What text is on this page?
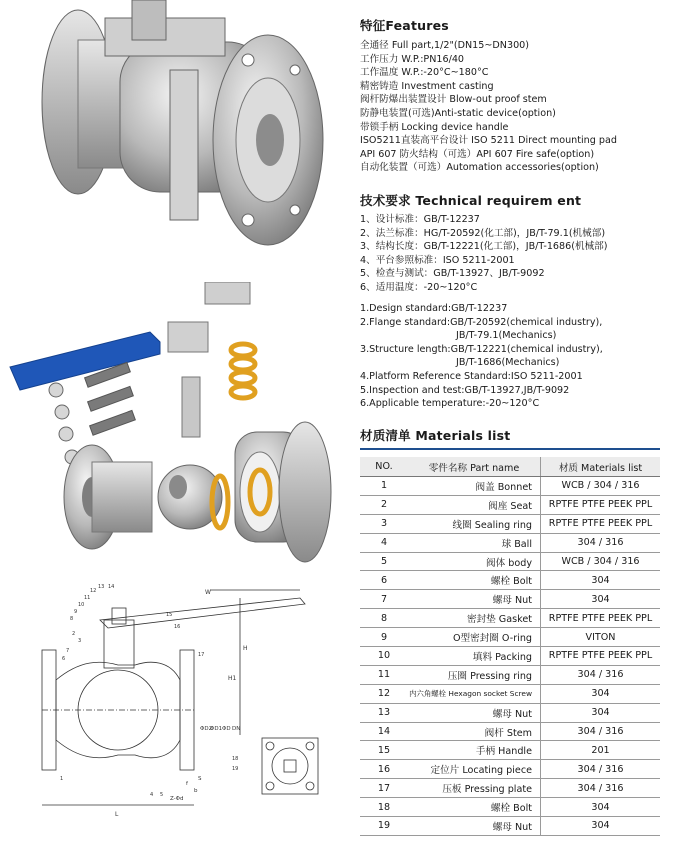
W
H
H1
L
S
ΦD
ΦD1
ΦD2
Z-Φd
f
b
DN
1
2
3
4 5
6
7
8
9
10
11
12
13 14
15
16
17
18
19

特征Features

全通径 Full part,1/2"(DN15~DN300)
工作压力 W.P.:PN16/40
工作温度 W.P.:-20°C~180°C
精密铸造 Investment casting
阀杆防爆出装置设计 Blow-out proof stem
防静电装置(可选)Anti-static device(option)
带锁手柄 Locking device handle
ISO5211直装高平台设计 ISO 5211 Direct mounting pad
API 607 防火结构（可选）API 607 Fire safe(option)
自动化装置（可选）Automation accessories(option)

技术要求 Technical requirem ent

1、设计标准：GB/T-12237
2、法兰标准：HG/T-20592(化工部)，JB/T-79.1(机械部)
3、结构长度：GB/T-12221(化工部)，JB/T-1686(机械部)
4、平台参照标准：ISO 5211-2001
5、检查与测试：GB/T-13927、JB/T-9092
6、适用温度：-20~120°C
1.Design standard:GB/T-12237
2.Flange standard:GB/T-20592(chemical industry),
JB/T-79.1(Mechanics)
3.Structure length:GB/T-12221(chemical industry),
JB/T-1686(Mechanics)
4.Platform Reference Standard:ISO 5211-2001
5.Inspection and test:GB/T-13927,JB/T-9092
6.Applicable temperature:-20~120°C

材质清单 Materials list

NO.	零件名称 Part name	材质 Materials list
1	阀盖 Bonnet	WCB / 304 / 316
2	阀座 Seat	RPTFE PTFE PEEK PPL
3	线圈 Sealing ring	RPTFE PTFE PEEK PPL
4	球 Ball	304 / 316
5	阀体 body	WCB / 304 / 316
6	螺栓 Bolt	304
7	螺母 Nut	304
8	密封垫 Gasket	RPTFE PTFE PEEK PPL
9	O型密封圈 O-ring	VITON
10	填料 Packing	RPTFE PTFE PEEK PPL
11	压圈 Pressing ring	304 / 316
12	内六角螺栓 Hexagon socket Screw	304
13	螺母 Nut	304
14	阀杆 Stem	304 / 316
15	手柄 Handle	201
16	定位片 Locating piece	304 / 316
17	压板 Pressing plate	304 / 316
18	螺栓 Bolt	304
19	螺母 Nut	304
